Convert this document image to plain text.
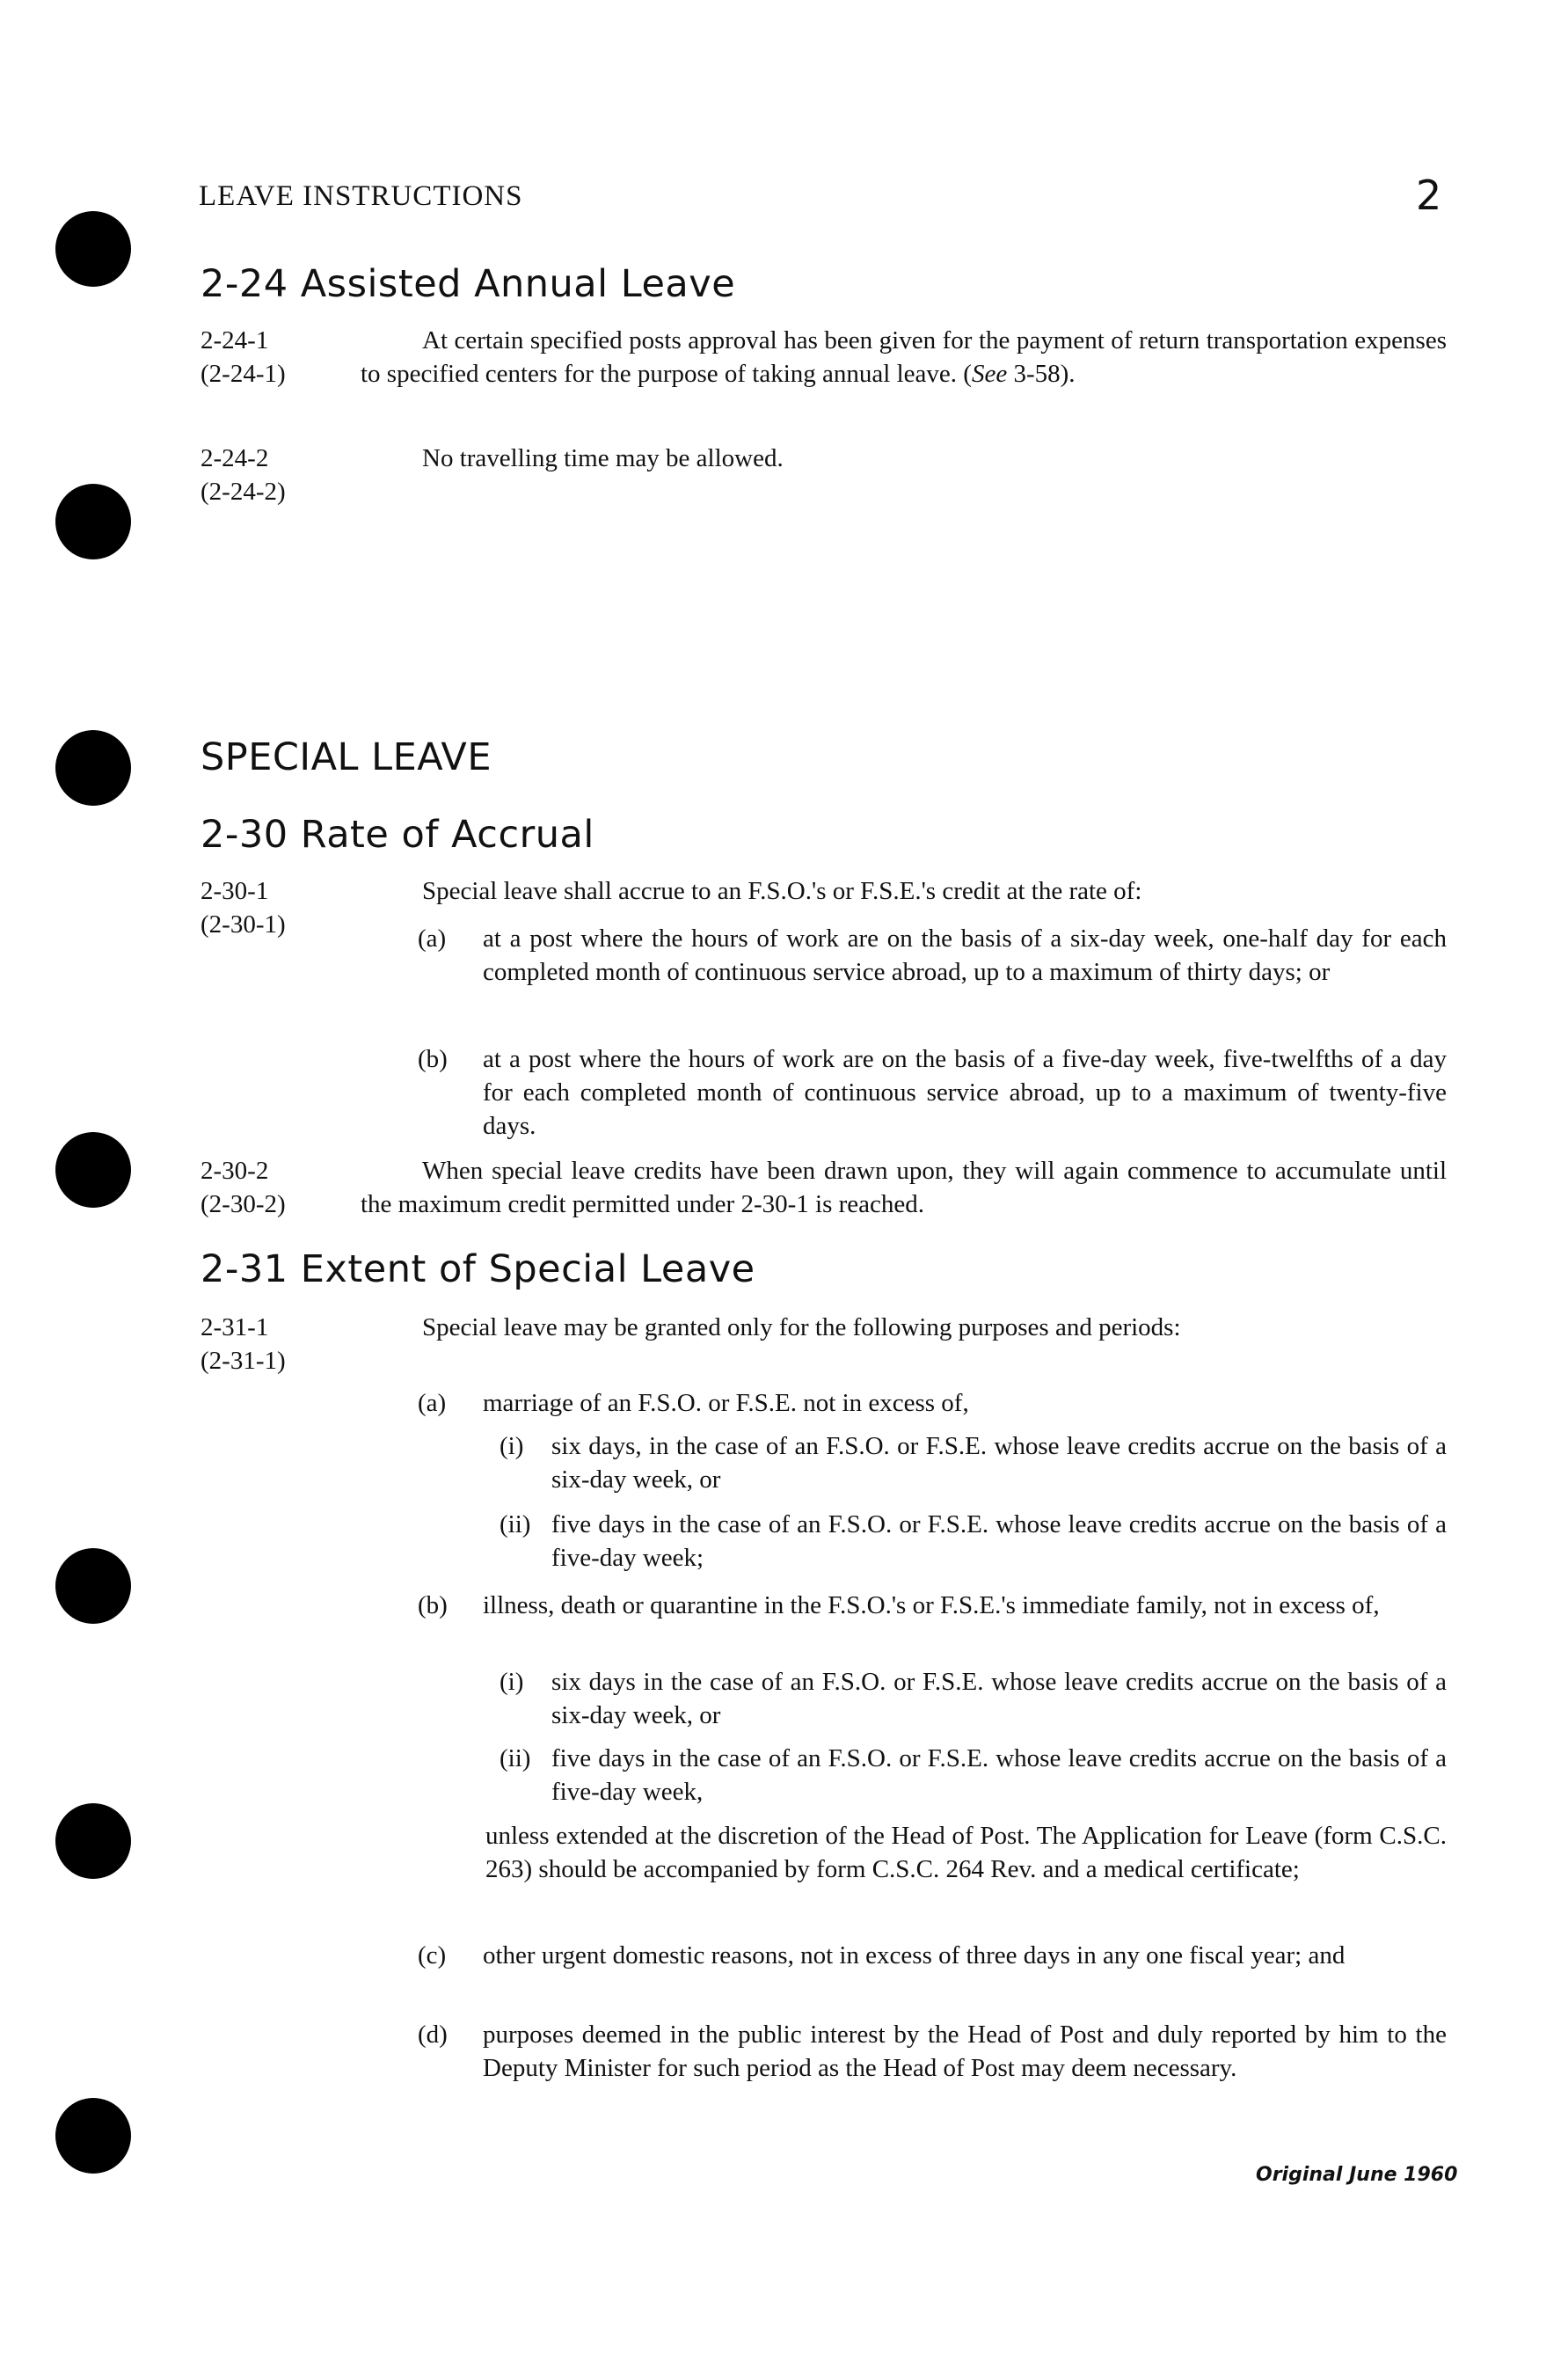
LEAVE INSTRUCTIONS	2
2-24 Assisted Annual Leave
2-24-1
(2-24-1)
At certain specified posts approval has been given for the payment of return transportation expenses to specified centers for the purpose of taking annual leave. (See 3-58).
2-24-2
(2-24-2)
No travelling time may be allowed.
SPECIAL LEAVE
2-30 Rate of Accrual
2-30-1
(2-30-1)
Special leave shall accrue to an F.S.O.'s or F.S.E.'s credit at the rate of:
(a)	at a post where the hours of work are on the basis of a six-day week, one-half day for each completed month of continuous service abroad, up to a maximum of thirty days; or
(b)	at a post where the hours of work are on the basis of a five-day week, five-twelfths of a day for each completed month of continuous service abroad, up to a maximum of twenty-five days.
2-30-2
(2-30-2)
When special leave credits have been drawn upon, they will again commence to accumulate until the maximum credit permitted under 2-30-1 is reached.
2-31 Extent of Special Leave
2-31-1
(2-31-1)
Special leave may be granted only for the following purposes and periods:
(a)	marriage of an F.S.O. or F.S.E. not in excess of,
(i)	six days, in the case of an F.S.O. or F.S.E. whose leave credits accrue on the basis of a six-day week, or
(ii) five days in the case of an F.S.O. or F.S.E. whose leave credits accrue on the basis of a five-day week;
(b)	illness, death or quarantine in the F.S.O.'s or F.S.E.'s immediate family, not in excess of,
(i)	six days in the case of an F.S.O. or F.S.E. whose leave credits accrue on the basis of a six-day week, or
(ii) five days in the case of an F.S.O. or F.S.E. whose leave credits accrue on the basis of a five-day week,
unless extended at the discretion of the Head of Post. The Application for Leave (form C.S.C. 263) should be accompanied by form C.S.C. 264 Rev. and a medical certificate;
(c)	other urgent domestic reasons, not in excess of three days in any one fiscal year; and
(d)	purposes deemed in the public interest by the Head of Post and duly reported by him to the Deputy Minister for such period as the Head of Post may deem necessary.
Original June 1960
